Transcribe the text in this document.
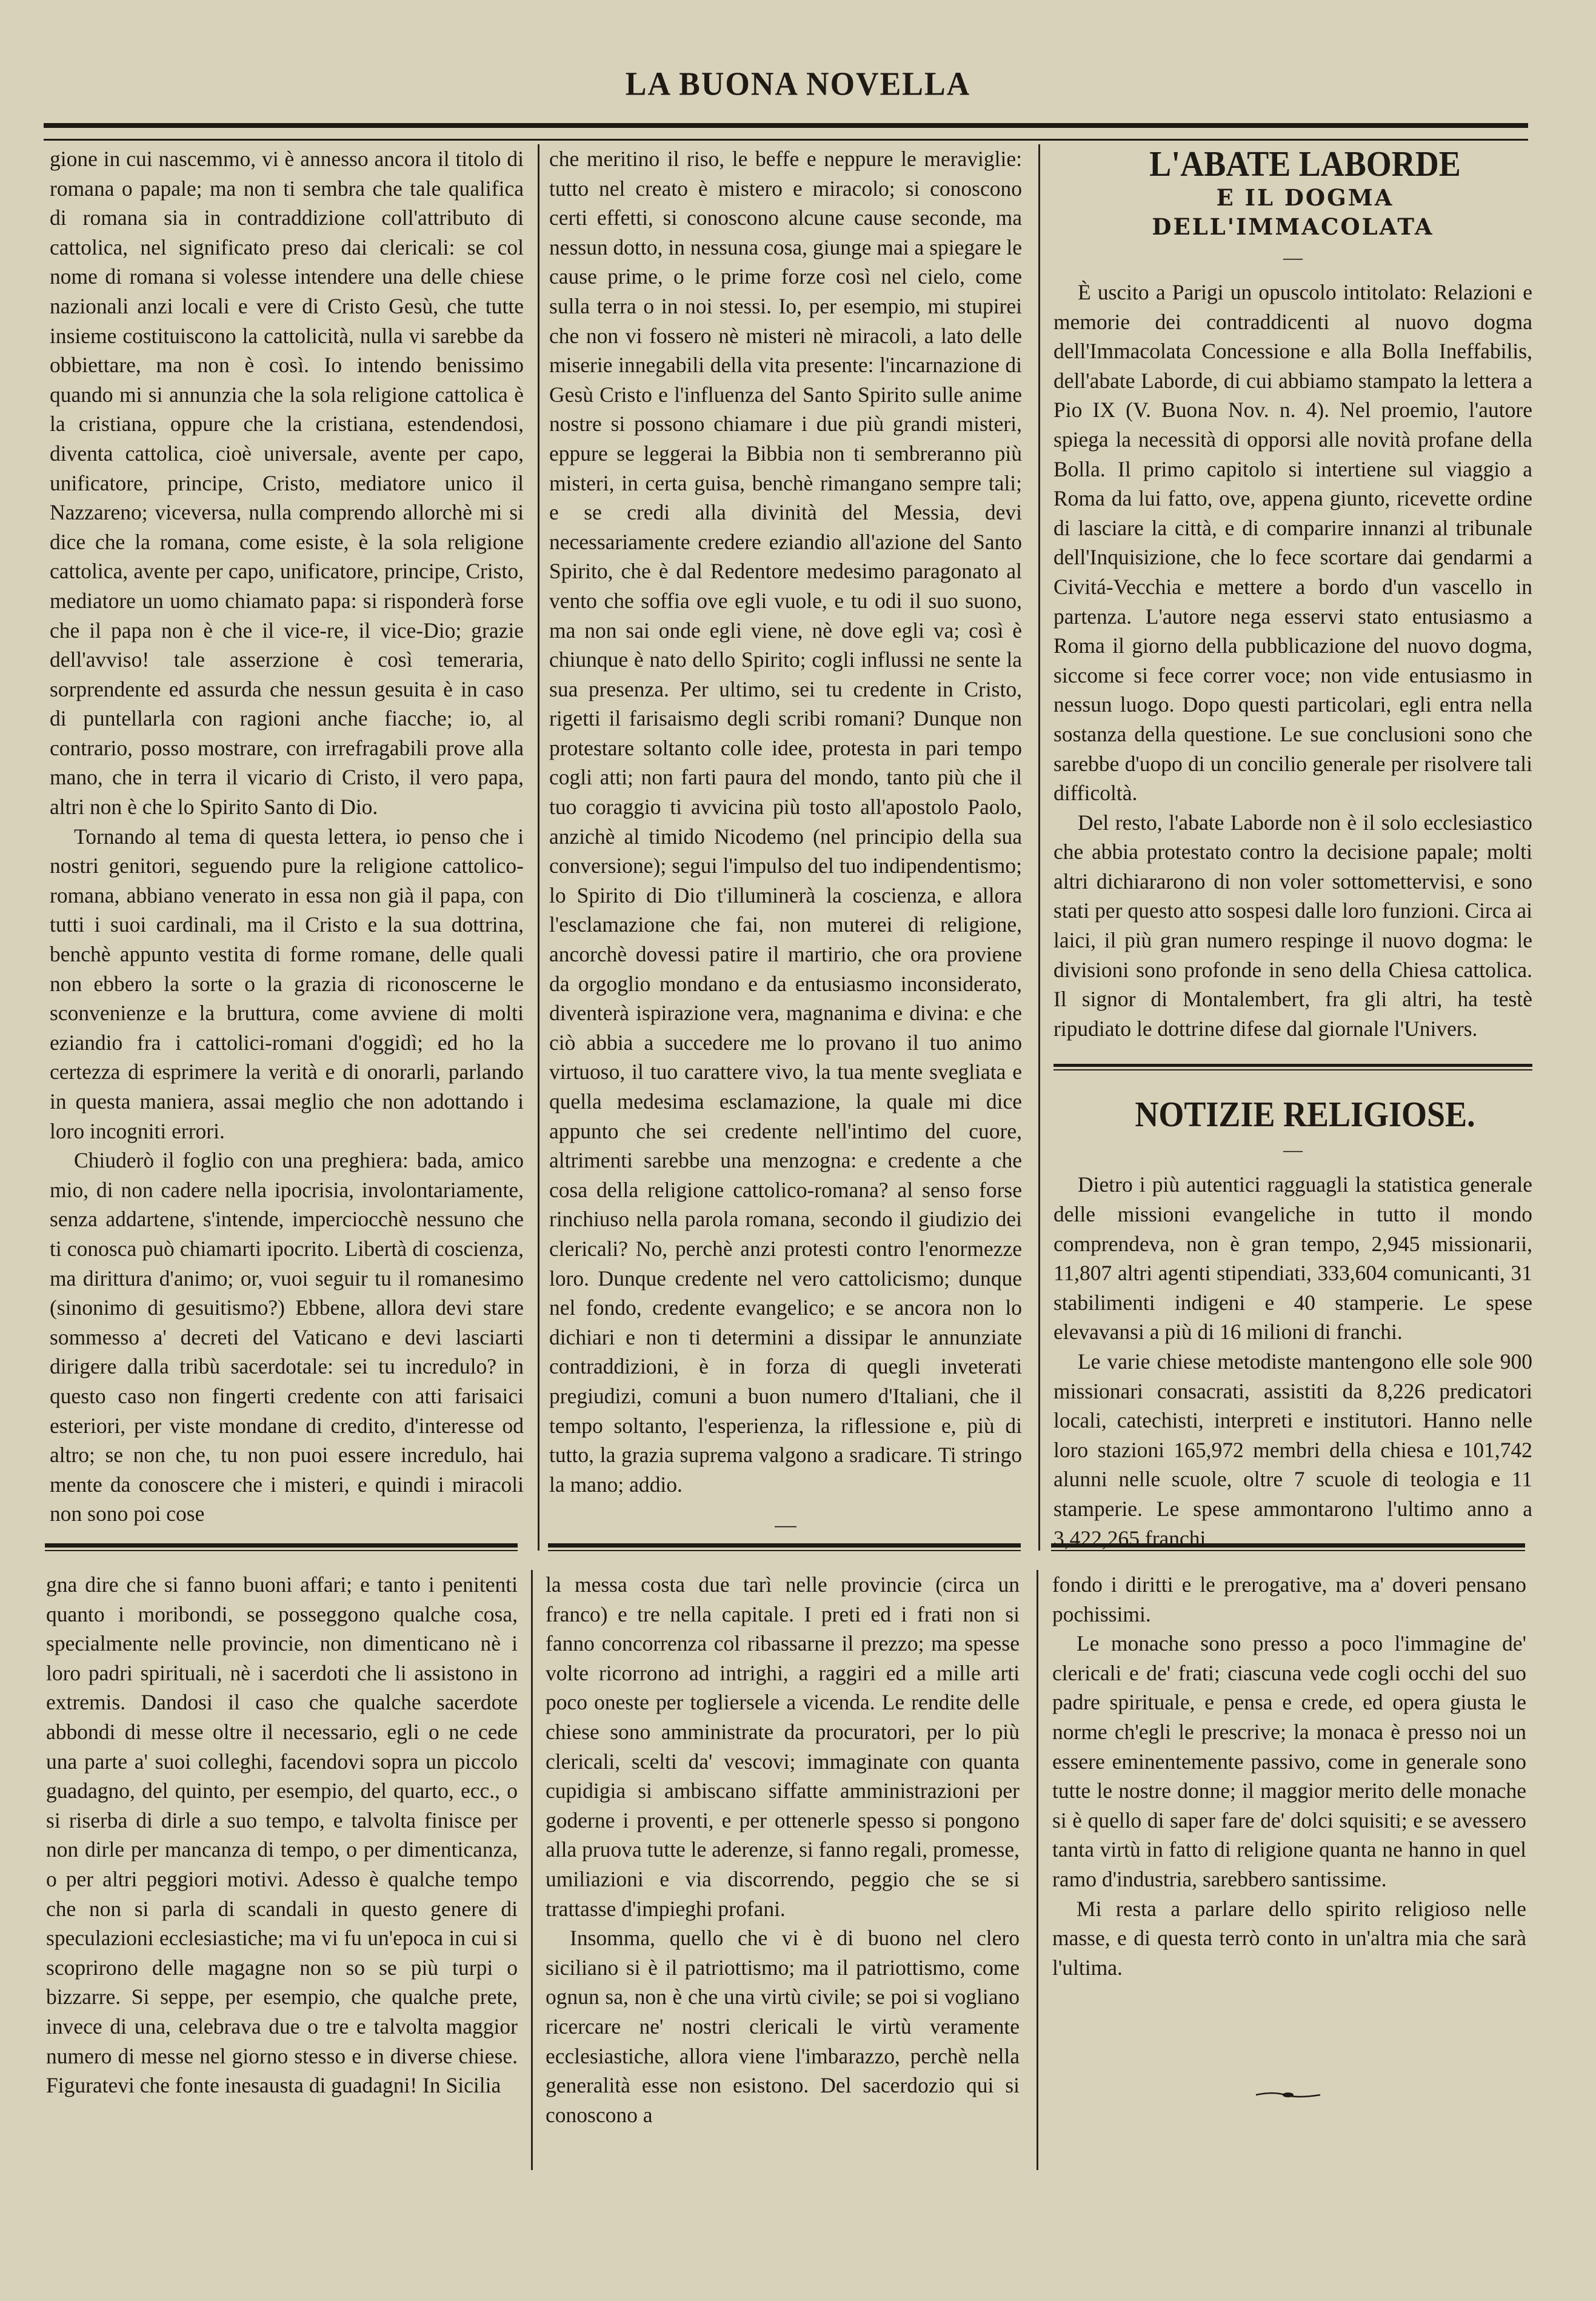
LA BUONA NOVELLA

gione in cui nascemmo, vi è annesso ancora il titolo di romana o papale; ma non ti sembra che tale qualifica di romana sia in contraddizione coll'attributo di cattolica, nel significato preso dai clericali: se col nome di romana si volesse intendere una delle chiese nazionali anzi locali e vere di Cristo Gesù, che tutte insieme costituiscono la cattolicità, nulla vi sarebbe da obbiettare, ma non è così. Io intendo benissimo quando mi si annunzia che la sola religione cattolica è la cristiana, oppure che la cristiana, estendendosi, diventa cattolica, cioè universale, avente per capo, unificatore, principe, Cristo, mediatore unico il Nazzareno; viceversa, nulla comprendo allorchè mi si dice che la romana, come esiste, è la sola religione cattolica, avente per capo, unificatore, principe, Cristo, mediatore un uomo chiamato papa: si risponderà forse che il papa non è che il vice-re, il vice-Dio; grazie dell'avviso! tale asserzione è così temeraria, sorprendente ed assurda che nessun gesuita è in caso di puntellarla con ragioni anche fiacche; io, al contrario, posso mostrare, con irrefragabili prove alla mano, che in terra il vicario di Cristo, il vero papa, altri non è che lo Spirito Santo di Dio.

Tornando al tema di questa lettera, io penso che i nostri genitori, seguendo pure la religione cattolico-romana, abbiano venerato in essa non già il papa, con tutti i suoi cardinali, ma il Cristo e la sua dottrina, benchè appunto vestita di forme romane, delle quali non ebbero la sorte o la grazia di riconoscerne le sconvenienze e la bruttura, come avviene di molti eziandio fra i cattolici-romani d'oggidì; ed ho la certezza di esprimere la verità e di onorarli, parlando in questa maniera, assai meglio che non adottando i loro incogniti errori.

Chiuderò il foglio con una preghiera: bada, amico mio, di non cadere nella ipocrisia, involontariamente, senza addartene, s'intende, imperciocchè nessuno che ti conosca può chiamarti ipocrito. Libertà di coscienza, ma dirittura d'animo; or, vuoi seguir tu il romanesimo (sinonimo di gesuitismo?) Ebbene, allora devi stare sommesso a' decreti del Vaticano e devi lasciarti dirigere dalla tribù sacerdotale: sei tu incredulo? in questo caso non fingerti credente con atti farisaici esteriori, per viste mondane di credito, d'interesse od altro; se non che, tu non puoi essere incredulo, hai mente da conoscere che i misteri, e quindi i miracoli non sono poi cose

che meritino il riso, le beffe e neppure le meraviglie: tutto nel creato è mistero e miracolo; si conoscono certi effetti, si conoscono alcune cause seconde, ma nessun dotto, in nessuna cosa, giunge mai a spiegare le cause prime, o le prime forze così nel cielo, come sulla terra o in noi stessi. Io, per esempio, mi stupirei che non vi fossero nè misteri nè miracoli, a lato delle miserie innegabili della vita presente: l'incarnazione di Gesù Cristo e l'influenza del Santo Spirito sulle anime nostre si possono chiamare i due più grandi misteri, eppure se leggerai la Bibbia non ti sembreranno più misteri, in certa guisa, benchè rimangano sempre tali; e se credi alla divinità del Messia, devi necessariamente credere eziandio all'azione del Santo Spirito, che è dal Redentore medesimo paragonato al vento che soffia ove egli vuole, e tu odi il suo suono, ma non sai onde egli viene, nè dove egli va; così è chiunque è nato dello Spirito; cogli influssi ne sente la sua presenza. Per ultimo, sei tu credente in Cristo, rigetti il farisaismo degli scribi romani? Dunque non protestare soltanto colle idee, protesta in pari tempo cogli atti; non farti paura del mondo, tanto più che il tuo coraggio ti avvicina più tosto all'apostolo Paolo, anzichè al timido Nicodemo (nel principio della sua conversione); segui l'impulso del tuo indipendentismo; lo Spirito di Dio t'illuminerà la coscienza, e allora l'esclamazione che fai, non muterei di religione, ancorchè dovessi patire il martirio, che ora proviene da orgoglio mondano e da entusiasmo inconsiderato, diventerà ispirazione vera, magnanima e divina: e che ciò abbia a succedere me lo provano il tuo animo virtuoso, il tuo carattere vivo, la tua mente svegliata e quella medesima esclamazione, la quale mi dice appunto che sei credente nell'intimo del cuore, altrimenti sarebbe una menzogna: e credente a che cosa della religione cattolico-romana? al senso forse rinchiuso nella parola romana, secondo il giudizio dei clericali? No, perchè anzi protesti contro l'enormezze loro. Dunque credente nel vero cattolicismo; dunque nel fondo, credente evangelico; e se ancora non lo dichiari e non ti determini a dissipar le annunziate contraddizioni, è in forza di quegli inveterati pregiudizi, comuni a buon numero d'Italiani, che il tempo soltanto, l'esperienza, la riflessione e, più di tutto, la grazia suprema valgono a sradicare. Ti stringo la mano; addio.

—

L'ABATE LABORDE

E IL DOGMA DELL'IMMACOLATA

—

È uscito a Parigi un opuscolo intitolato: Relazioni e memorie dei contraddicenti al nuovo dogma dell'Immacolata Concessione e alla Bolla Ineffabilis, dell'abate Laborde, di cui abbiamo stampato la lettera a Pio IX (V. Buona Nov. n. 4). Nel proemio, l'autore spiega la necessità di opporsi alle novità profane della Bolla. Il primo capitolo si intertiene sul viaggio a Roma da lui fatto, ove, appena giunto, ricevette ordine di lasciare la città, e di comparire innanzi al tribunale dell'Inquisizione, che lo fece scortare dai gendarmi a Civitá-Vecchia e mettere a bordo d'un vascello in partenza. L'autore nega esservi stato entusiasmo a Roma il giorno della pubblicazione del nuovo dogma, siccome si fece correr voce; non vide entusiasmo in nessun luogo. Dopo questi particolari, egli entra nella sostanza della questione. Le sue conclusioni sono che sarebbe d'uopo di un concilio generale per risolvere tali difficoltà.

Del resto, l'abate Laborde non è il solo ecclesiastico che abbia protestato contro la decisione papale; molti altri dichiararono di non voler sottomettervisi, e sono stati per questo atto sospesi dalle loro funzioni. Circa ai laici, il più gran numero respinge il nuovo dogma: le divisioni sono profonde in seno della Chiesa cattolica. Il signor di Montalembert, fra gli altri, ha testè ripudiato le dottrine difese dal giornale l'Univers.

NOTIZIE RELIGIOSE.

—

Dietro i più autentici ragguagli la statistica generale delle missioni evangeliche in tutto il mondo comprendeva, non è gran tempo, 2,945 missionarii, 11,807 altri agenti stipendiati, 333,604 comunicanti, 31 stabilimenti indigeni e 40 stamperie. Le spese elevavansi a più di 16 milioni di franchi.

Le varie chiese metodiste mantengono elle sole 900 missionari consacrati, assistiti da 8,226 predicatori locali, catechisti, interpreti e institutori. Hanno nelle loro stazioni 165,972 membri della chiesa e 101,742 alunni nelle scuole, oltre 7 scuole di teologia e 11 stamperie. Le spese ammontarono l'ultimo anno a 3,422,265 franchi.

gna dire che si fanno buoni affari; e tanto i penitenti quanto i moribondi, se posseggono qualche cosa, specialmente nelle provincie, non dimenticano nè i loro padri spirituali, nè i sacerdoti che li assistono in extremis. Dandosi il caso che qualche sacerdote abbondi di messe oltre il necessario, egli o ne cede una parte a' suoi colleghi, facendovi sopra un piccolo guadagno, del quinto, per esempio, del quarto, ecc., o si riserba di dirle a suo tempo, e talvolta finisce per non dirle per mancanza di tempo, o per dimenticanza, o per altri peggiori motivi. Adesso è qualche tempo che non si parla di scandali in questo genere di speculazioni ecclesiastiche; ma vi fu un'epoca in cui si scoprirono delle magagne non so se più turpi o bizzarre. Si seppe, per esempio, che qualche prete, invece di una, celebrava due o tre e talvolta maggior numero di messe nel giorno stesso e in diverse chiese. Figuratevi che fonte inesausta di guadagni! In Sicilia

la messa costa due tarì nelle provincie (circa un franco) e tre nella capitale. I preti ed i frati non si fanno concorrenza col ribassarne il prezzo; ma spesse volte ricorrono ad intrighi, a raggiri ed a mille arti poco oneste per togliersele a vicenda. Le rendite delle chiese sono amministrate da procuratori, per lo più clericali, scelti da' vescovi; immaginate con quanta cupidigia si ambiscano siffatte amministrazioni per goderne i proventi, e per ottenerle spesso si pongono alla pruova tutte le aderenze, si fanno regali, promesse, umiliazioni e via discorrendo, peggio che se si trattasse d'impieghi profani.

Insomma, quello che vi è di buono nel clero siciliano si è il patriottismo; ma il patriottismo, come ognun sa, non è che una virtù civile; se poi si vogliano ricercare ne' nostri clericali le virtù veramente ecclesiastiche, allora viene l'imbarazzo, perchè nella generalità esse non esistono. Del sacerdozio qui si conoscono a

fondo i diritti e le prerogative, ma a' doveri pensano pochissimi.

Le monache sono presso a poco l'immagine de' clericali e de' frati; ciascuna vede cogli occhi del suo padre spirituale, e pensa e crede, ed opera giusta le norme ch'egli le prescrive; la monaca è presso noi un essere eminentemente passivo, come in generale sono tutte le nostre donne; il maggior merito delle monache si è quello di saper fare de' dolci squisiti; e se avessero tanta virtù in fatto di religione quanta ne hanno in quel ramo d'industria, sarebbero santissime.

Mi resta a parlare dello spirito religioso nelle masse, e di questa terrò conto in un'altra mia che sarà l'ultima.
